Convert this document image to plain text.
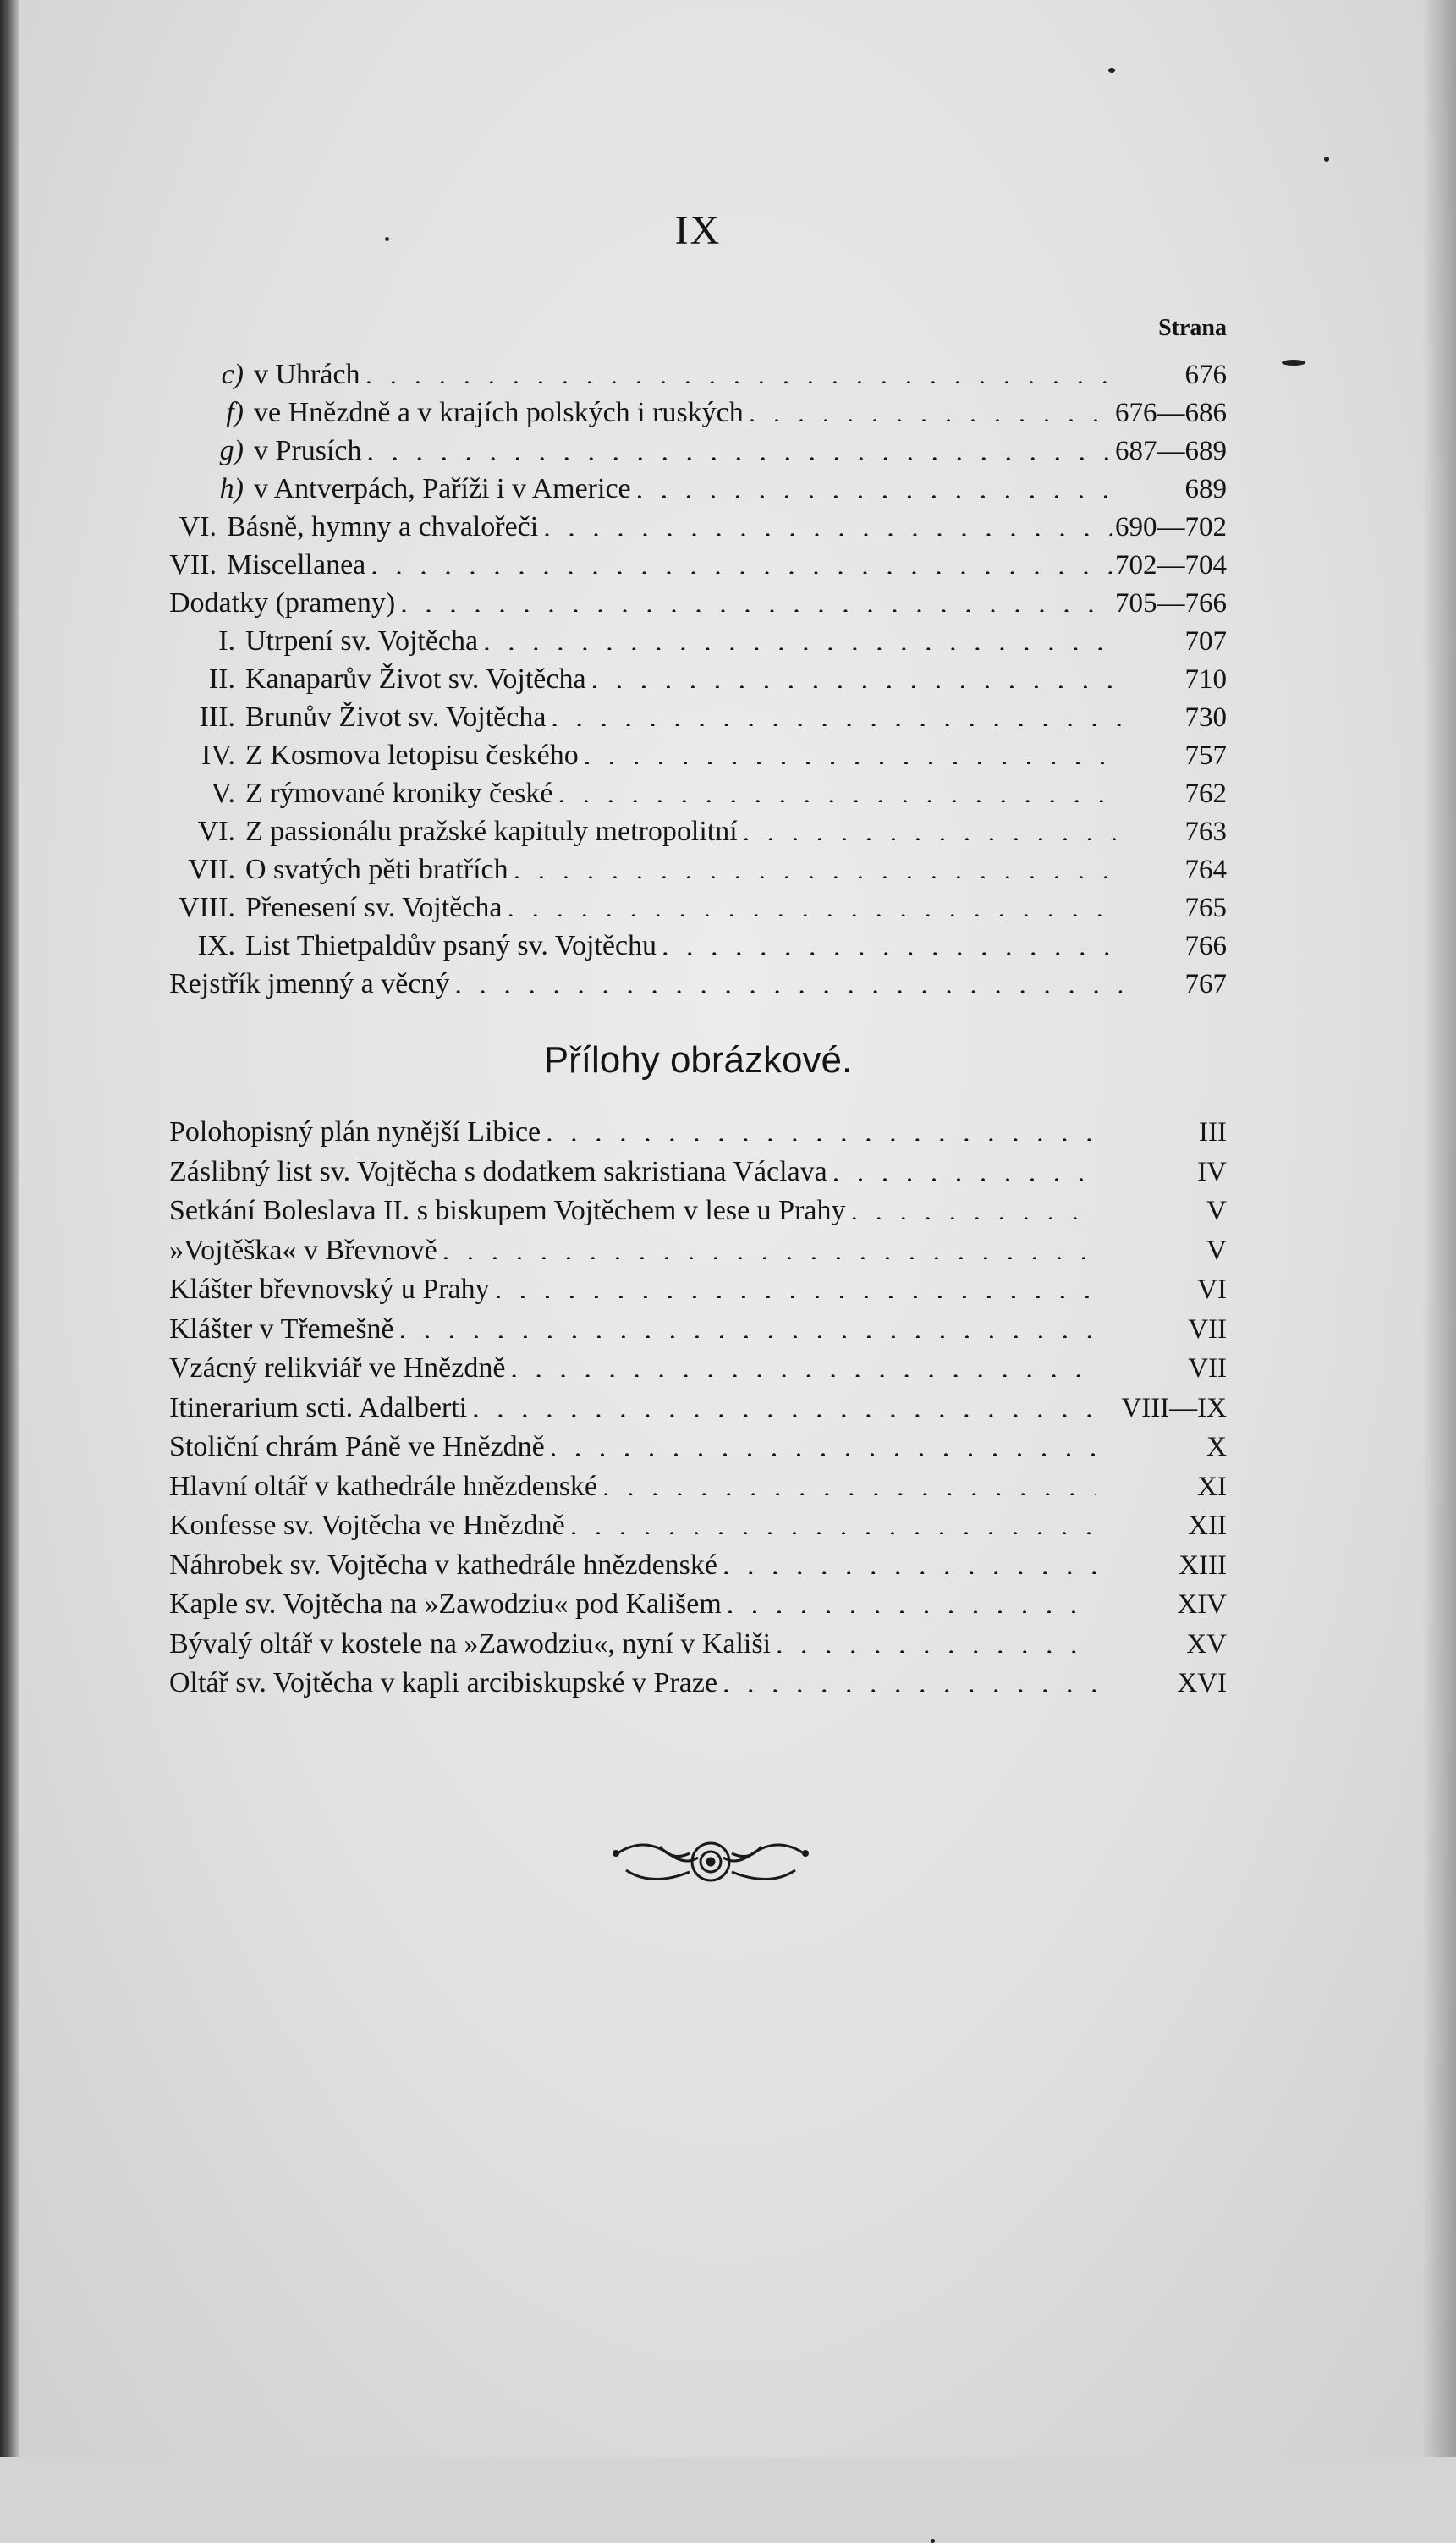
IX
Strana
c) v Uhrách . . .	676
f) ve Hnězdně a v krajích polských i ruských . . .	676—686
g) v Prusích . . .	687—689
h) v Antverpách, Paříži i v Americe . . .	689
VI. Básně, hymny a chvalořeči . . .	690—702
VII. Miscellanea . . .	702—704
Dodatky (prameny) . . .	705—766
I. Utrpení sv. Vojtěcha . . .	707
II. Kanaparův Život sv. Vojtěcha . . .	710
III. Brunův Život sv. Vojtěcha . . .	730
IV. Z Kosmova letopisu českého . . .	757
V. Z rýmované kroniky české . . .	762
VI. Z passionálu pražské kapituly metropolitní . . .	763
VII. O svatých pěti bratřích . . .	764
VIII. Přenesení sv. Vojtěcha . . .	765
IX. List Thietpaldův psaný sv. Vojtěchu . . .	766
Rejstřík jmenný a věcný . . .	767
Přílohy obrázkové.
Polohopisný plán nynější Libice . . .	III
Záslibný list sv. Vojtěcha s dodatkem sakristiana Václava . . .	IV
Setkání Boleslava II. s biskupem Vojtěchem v lese u Prahy . . .	V
»Vojtěška« v Břevnově . . .	V
Klášter břevnovský u Prahy . . .	VI
Klášter v Třemešně . . .	VII
Vzácný relikviář ve Hnězdně . . .	VII
Itinerarium scti. Adalberti . . .	VIII—IX
Stoliční chrám Páně ve Hnězdně . . .	X
Hlavní oltář v kathedrále hnězdenské . . .	XI
Konfesse sv. Vojtěcha ve Hnězdně . . .	XII
Náhrobek sv. Vojtěcha v kathedrále hnězdenské . . .	XIII
Kaple sv. Vojtěcha na »Zawodziu« pod Kališem . . .	XIV
Bývalý oltář v kostele na »Zawodziu«, nyní v Kališi . . .	XV
Oltář sv. Vojtěcha v kapli arcibiskupské v Praze . . .	XVI
